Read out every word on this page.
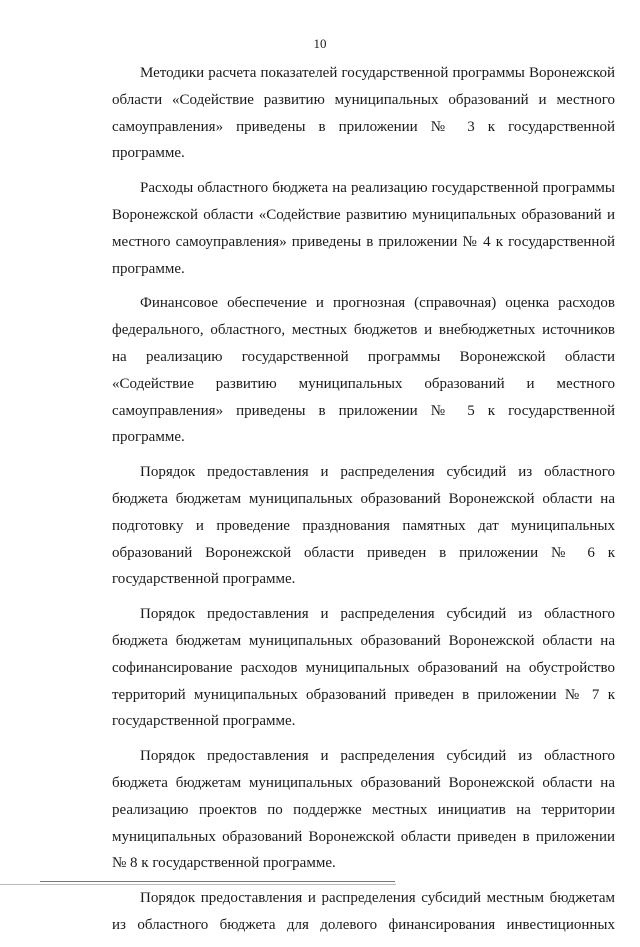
10

Методики расчета показателей государственной программы Воронежской области «Содействие развитию муниципальных образований и местного самоуправления» приведены в приложении № 3 к государственной программе.

Расходы областного бюджета на реализацию государственной программы Воронежской области «Содействие развитию муниципальных образований и местного самоуправления» приведены в приложении № 4 к государственной программе.

Финансовое обеспечение и прогнозная (справочная) оценка расходов федерального, областного, местных бюджетов и внебюджетных источников на реализацию государственной программы Воронежской области «Содействие развитию муниципальных образований и местного самоуправления» приведены в приложении № 5 к государственной программе.

Порядок предоставления и распределения субсидий из областного бюджета бюджетам муниципальных образований Воронежской области на подготовку и проведение празднования памятных дат муниципальных образований Воронежской области приведен в приложении № 6 к государственной программе.

Порядок предоставления и распределения субсидий из областного бюджета бюджетам муниципальных образований Воронежской области на софинансирование расходов муниципальных образований на обустройство территорий муниципальных образований приведен в приложении № 7 к государственной программе.

Порядок предоставления и распределения субсидий из областного бюджета бюджетам муниципальных образований Воронежской области на реализацию проектов по поддержке местных инициатив на территории муниципальных образований Воронежской области приведен в приложении № 8 к государственной программе.

Порядок предоставления и распределения субсидий местным бюджетам из областного бюджета для долевого финансирования инвестиционных
